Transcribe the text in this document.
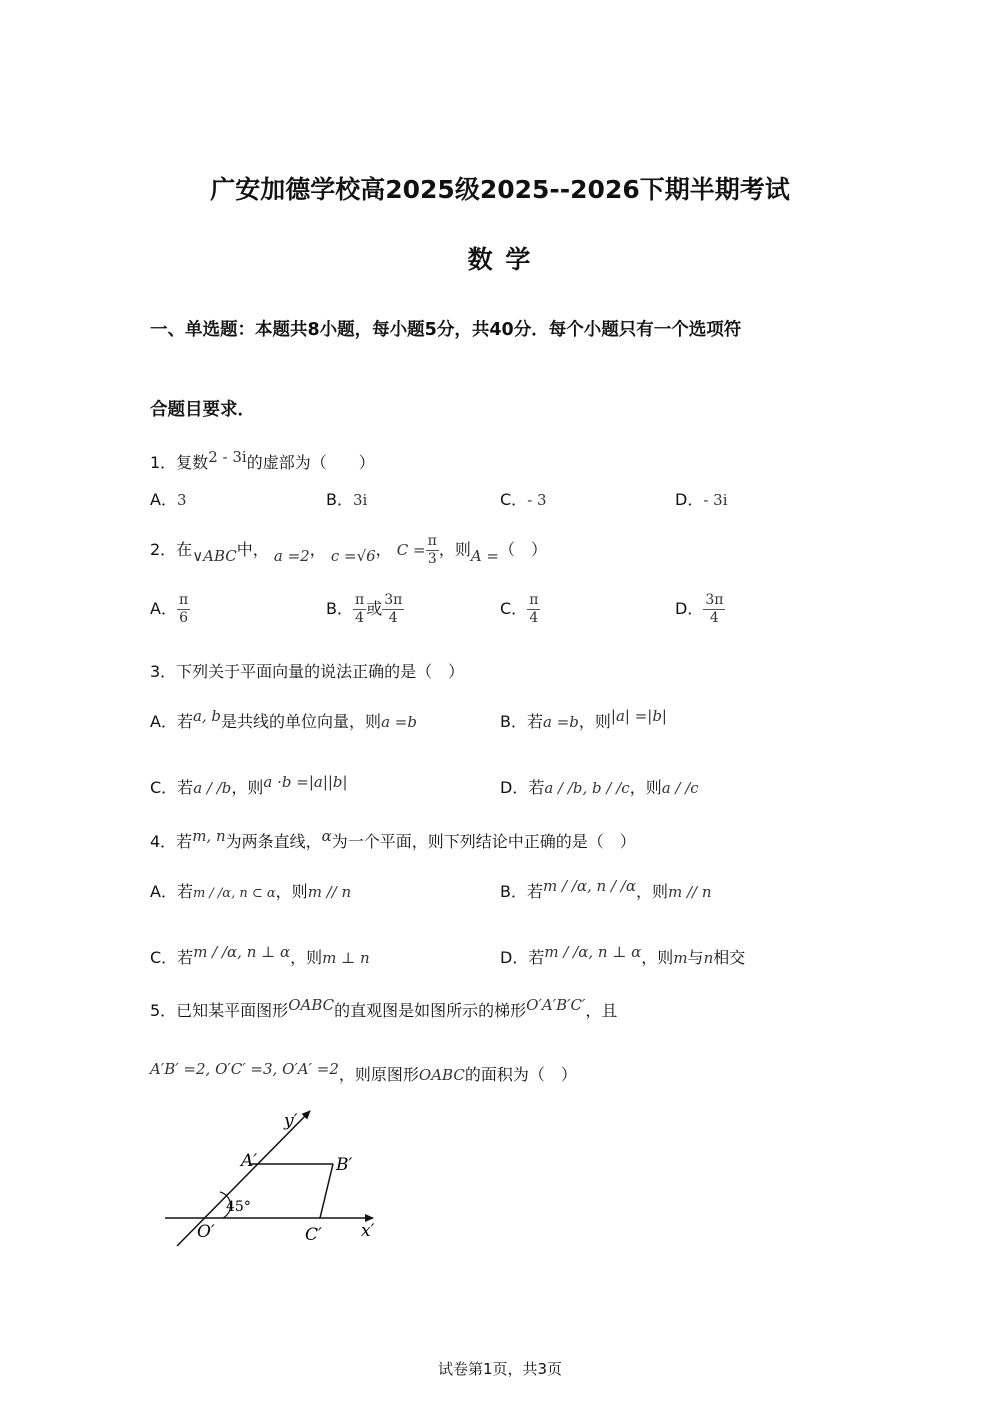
广安加德学校高2025级2025--2026下期半期考试
数 学
一、单选题：本题共8小题，每小题5分，共40分．每个小题只有一个选项符
合题目要求．
1．复数2 - 3i的虚部为（　　）
A．3	B．3i	C．- 3	D．- 3i
2．在∨ABC中， a =2， c =√6， $C = \frac{\pi}{3}$ ，则A =（　）
A． $\frac{\pi}{6}$	B． $\frac{\pi}{4}$ 或 $\frac{3\pi}{4}$	C． $\frac{\pi}{4}$	D． $\frac{3\pi}{4}$
3．下列关于平面向量的说法正确的是（　）
A．若a, b是共线的单位向量，则a =b	B．若a =b，则|a| =|b|
C．若a / /b，则a ·b =|a||b|	D．若a / /b, b / /c，则a / /c
4．若m, n为两条直线，α为一个平面，则下列结论中正确的是（　）
A．若m / /α, n ⊂ α，则m // n	B．若m / /α, n / /α，则m // n
C．若m / /α, n ⊥ α，则m ⊥ n	D．若m / /α, n ⊥ α，则m与n相交
5．已知某平面图形OABC的直观图是如图所示的梯形O′A′B′C′，且
A′B′ =2, O′C′ =3, O′A′ =2，则原图形OABC的面积为（　）
y′
x′
A′	B′
C′
O′
45°
试卷第1页，共3页
